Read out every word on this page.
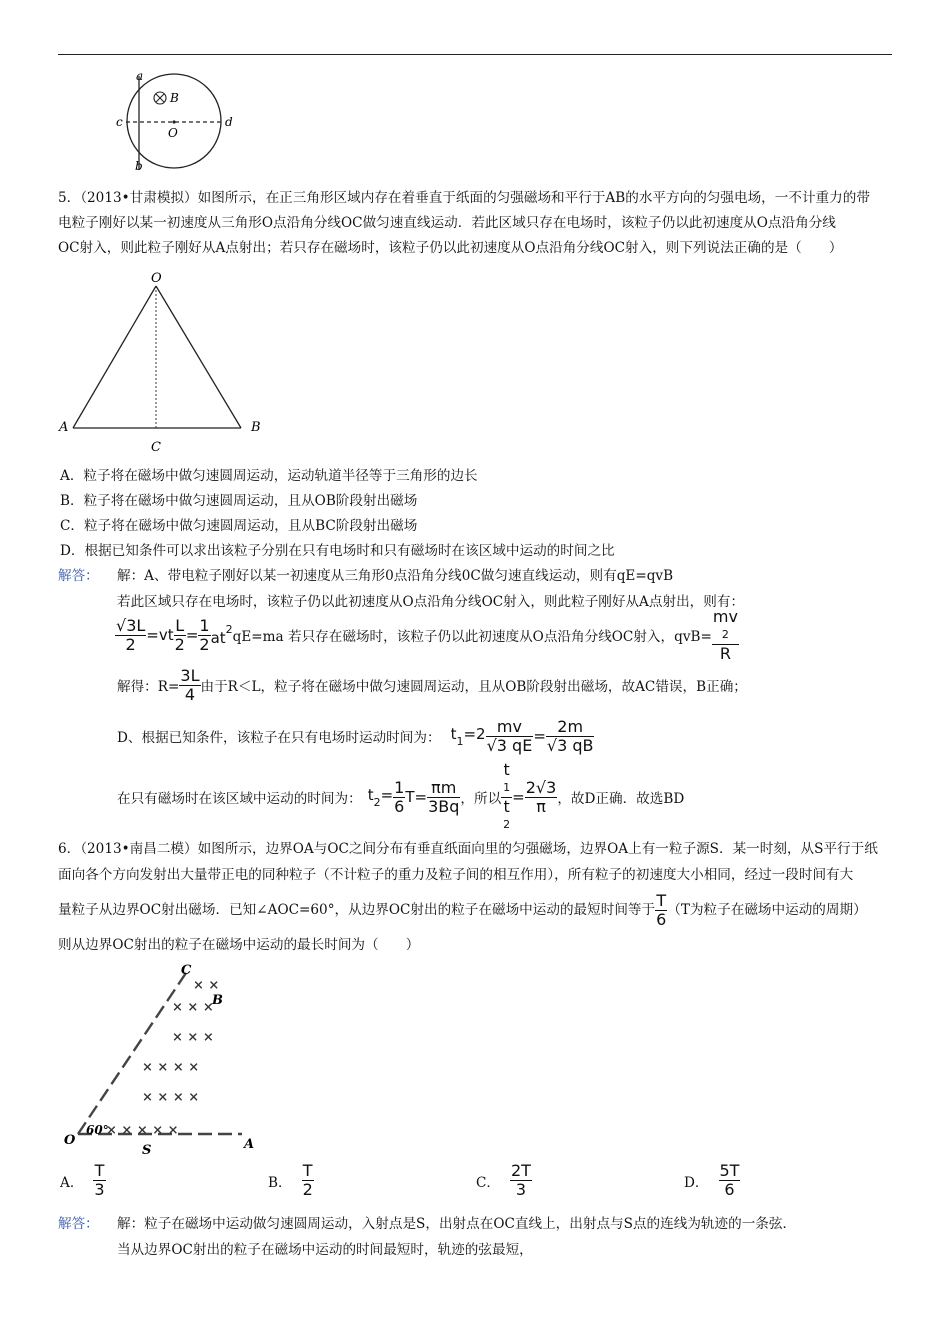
a
b
c	d
B
O
5．（2013•甘肃模拟）如图所示，在正三角形区域内存在着垂直于纸面的匀强磁场和平行于AB的水平方向的匀强电场，一不计重力的带
电粒子刚好以某一初速度从三角形O点沿角分线OC做匀速直线运动．若此区域只存在电场时，该粒子仍以此初速度从O点沿角分线
OC射入，则此粒子刚好从A点射出；若只存在磁场时，该粒子仍以此初速度从O点沿角分线OC射入，则下列说法正确的是（　　）
O
A	B
C
A．粒子将在磁场中做匀速圆周运动，运动轨道半径等于三角形的边长
B．粒子将在磁场中做匀速圆周运动，且从OB阶段射出磁场
C．粒子将在磁场中做匀速圆周运动，且从BC阶段射出磁场
D．根据已知条件可以求出该粒子分别在只有电场时和只有磁场时在该区域中运动的时间之比
解答： 解：A、带电粒子刚好以某一初速度从三角形0点沿角分线0C做匀速直线运动，则有qE=qvB
若此区域只存在电场时，该粒子仍以此初速度从O点沿角分线OC射入，则此粒子刚好从A点射出，则有：
$\frac{√3L}{2} =vt \frac{L}{2} = \frac{1}{2} at^2$ qE=ma 若只存在磁场时，该粒子仍以此初速度从O点沿角分线OC射入，qvB= mv
2
R
解得：$R= \frac{3L}{4}$ 由于R＜L，粒子将在磁场中做匀速圆周运动，且从OB阶段射出磁场，故AC错误，B正确；
D、根据已知条件，该粒子在只有电场时运动时间为： $t_1=2 \frac{mv}{√3 qE} = \frac{2m}{√3 qB}$
在只有磁场时在该区域中运动的时间为： $t_2= \frac{1}{6} T= \frac{\pi m}{3Bq}$ ，所以 t
1
t
$2 = \frac{2√3}{\pi}$ ，故D正确．故选BD
6．（2013•南昌二模）如图所示，边界OA与OC之间分布有垂直纸面向里的匀强磁场，边界OA上有一粒子源S．某一时刻，从S平行于纸
面向各个方向发射出大量带正电的同种粒子（不计粒子的重力及粒子间的相互作用），所有粒子的初速度大小相同，经过一段时间有大
量粒子从边界OC射出磁场．已知∠AOC=60°，从边界OC射出的粒子在磁场中运动的最短时间等于 $\frac{T}{6} (T$为粒子在磁场中运动的周期）
则从边界OC射出的粒子在磁场中运动的最长时间为（　　）
× ×
× × ×
× × ×
× × × ×
× × × ×
× × × × ×
C
B
O
60°
S	A
A． $\frac{T}{3}$	B． $\frac{T}{2}$	C． $\frac{2T}{3}$	D． $\frac{5T}{6}$
解答： 解：粒子在磁场中运动做匀速圆周运动，入射点是S，出射点在OC直线上，出射点与S点的连线为轨迹的一条弦．
当从边界OC射出的粒子在磁场中运动的时间最短时，轨迹的弦最短，
